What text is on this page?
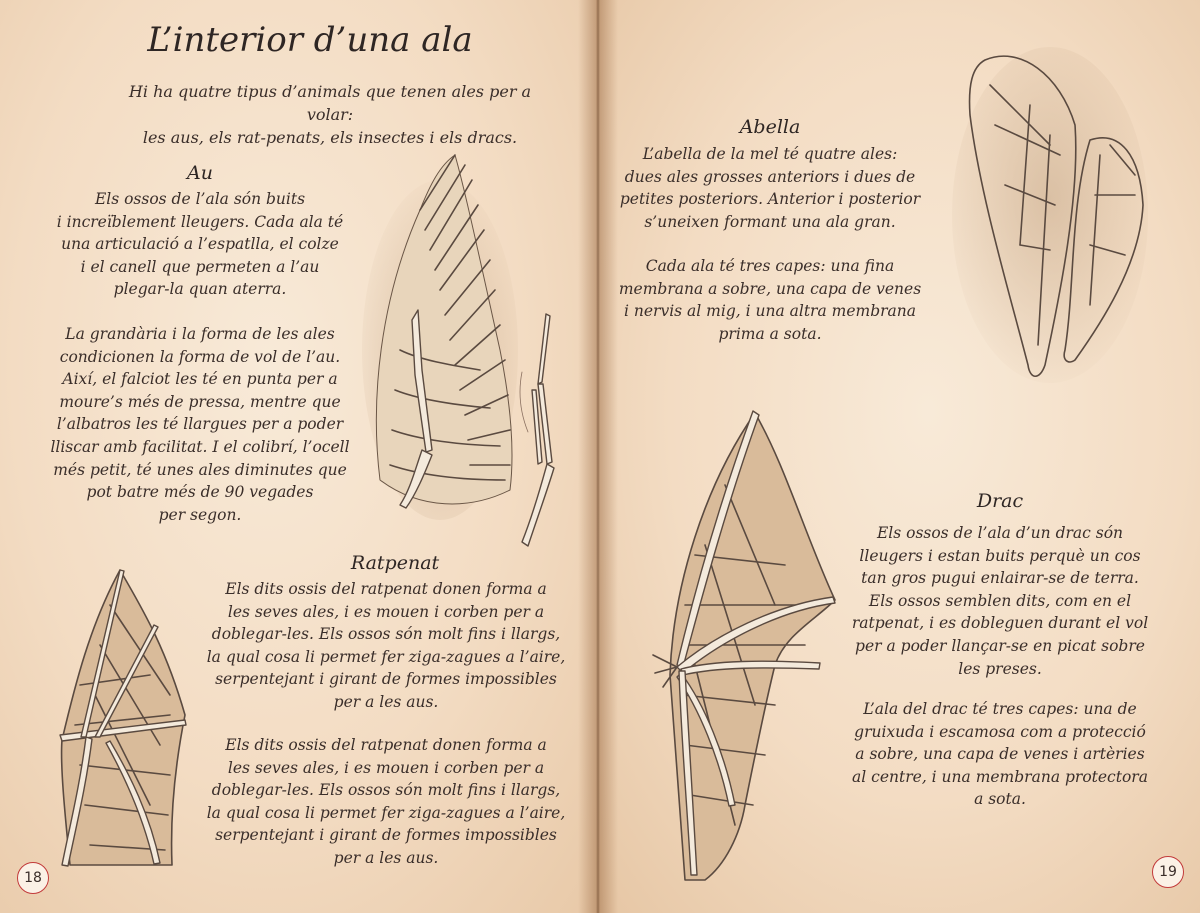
L’interior d’una ala
Hi ha quatre tipus d’animals que tenen ales per a volar:
les aus, els rat-penats, els insectes i els dracs.
Au
Els ossos de l’ala són buits
i increïblement lleugers. Cada ala té
una articulació a l’espatlla, el colze
i el canell que permeten a l’au
plegar-la quan aterra.
La grandària i la forma de les ales
condicionen la forma de vol de l’au.
Així, el falciot les té en punta per a
moure’s més de pressa, mentre que
l’albatros les té llargues per a poder
lliscar amb facilitat. I el colibrí, l’ocell
més petit, té unes ales diminutes que
pot batre més de 90 vegades
per segon.
Ratpenat
Els dits ossis del ratpenat donen forma a
les seves ales, i es mouen i corben per a
doblegar-les. Els ossos són molt fins i llargs,
la qual cosa li permet fer ziga-zagues a l’aire,
serpentejant i girant de formes impossibles
per a les aus.
Els dits ossis del ratpenat donen forma a
les seves ales, i es mouen i corben per a
doblegar-les. Els ossos són molt fins i llargs,
la qual cosa li permet fer ziga-zagues a l’aire,
serpentejant i girant de formes impossibles
per a les aus.
18
Abella
L’abella de la mel té quatre ales:
dues ales grosses anteriors i dues de
petites posteriors. Anterior i posterior
s’uneixen formant una ala gran.
Cada ala té tres capes: una fina
membrana a sobre, una capa de venes
i nervis al mig, i una altra membrana
prima a sota.
Drac
Els ossos de l’ala d’un drac són
lleugers i estan buits perquè un cos
tan gros pugui enlairar-se de terra.
Els ossos semblen dits, com en el
ratpenat, i es dobleguen durant el vol
per a poder llançar-se en picat sobre
les preses.
L’ala del drac té tres capes: una de
gruixuda i escamosa com a protecció
a sobre, una capa de venes i artèries
al centre, i una membrana protectora
a sota.
19
